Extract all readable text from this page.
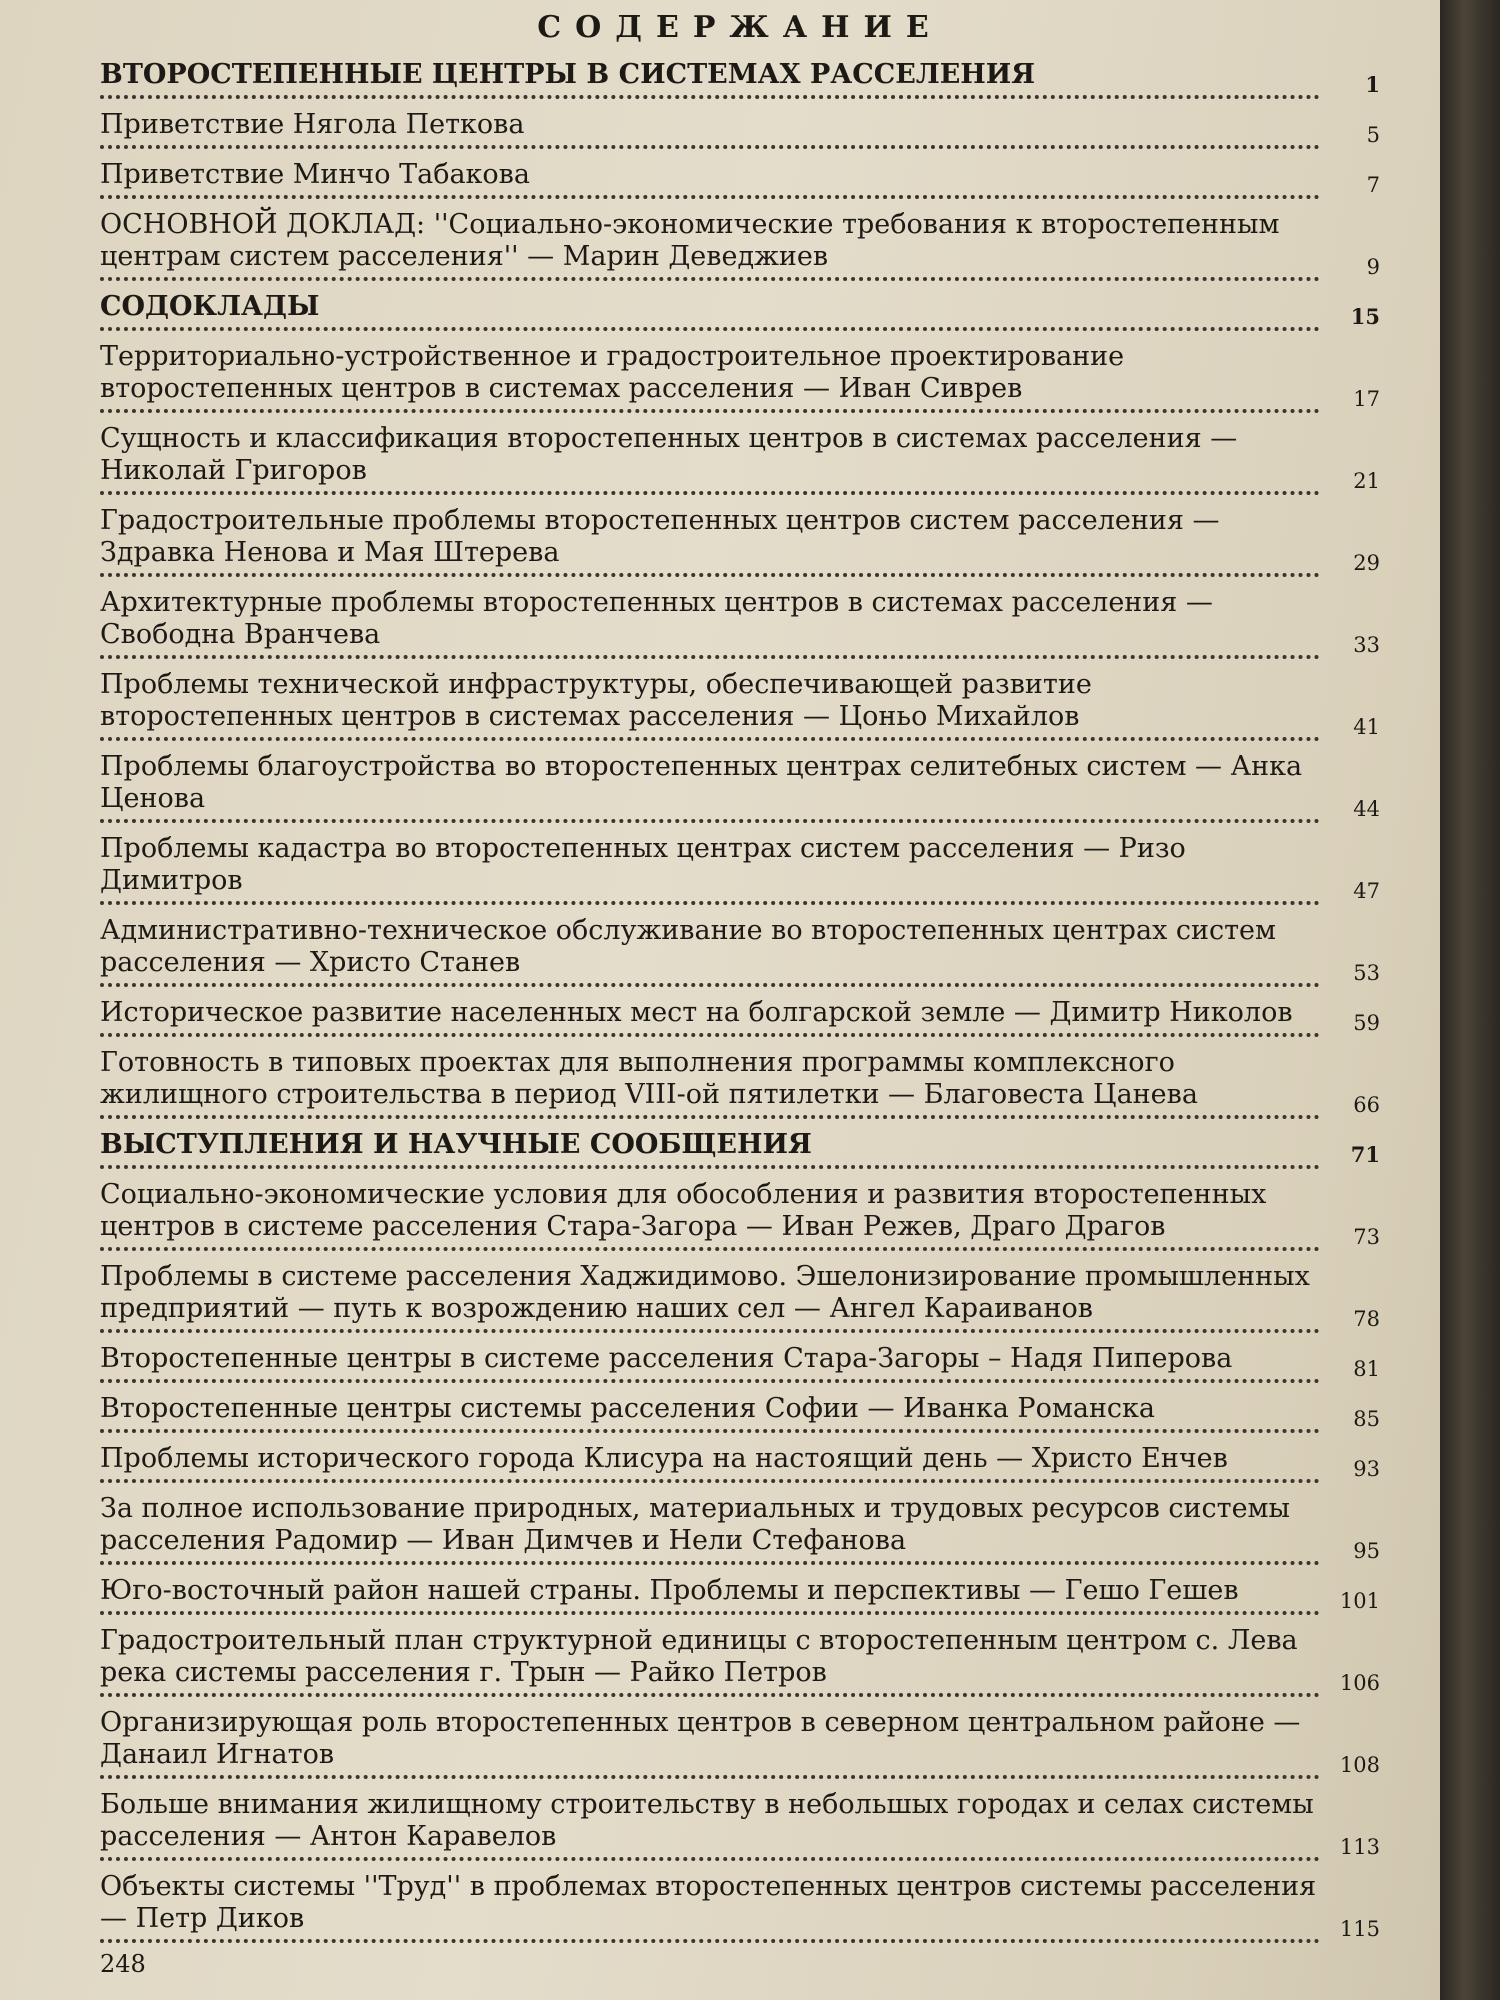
СОДЕРЖАНИЕ
ВТОРОСТЕПЕННЫЕ ЦЕНТРЫ В СИСТЕМАХ РАССЕЛЕНИЯ	1
Приветствие Нягола Петкова	5
Приветствие Минчо Табакова	7
ОСНОВНОЙ ДОКЛАД: ''Социально-экономические требования к второстепенным центрам систем расселения'' — Марин Деведжиев	9
СОДОКЛАДЫ	15
Территориально-устройственное и градостроительное проектирование второстепенных центров в системах расселения — Иван Сиврев	17
Сущность и классификация второстепенных центров в системах расселения — Николай Григоров	21
Градостроительные проблемы второстепенных центров систем расселения — Здравка Ненова и Мая Штерева	29
Архитектурные проблемы второстепенных центров в системах расселения — Свободна Врaнчева	33
Проблемы технической инфраструктуры, обеспечивающей развитие второстепенных центров в системах расселения — Цоньо Михайлов	41
Проблемы благоустройства во второстепенных центрах селитебных систем — Анка Ценова	44
Проблемы кадастра во второстепенных центрах систем расселения — Ризо Димитров	47
Административно-техническое обслуживание во второстепенных центрах систем расселения — Христо Станев	53
Историческое развитие населенных мест на болгарской земле — Димитр Николов	59
Готовность в типовых проектах для выполнения программы комплексного жилищного строительства в период VIII-ой пятилетки — Благовеста Цанева	66
ВЫСТУПЛЕНИЯ И НАУЧНЫЕ СООБЩЕНИЯ	71
Социально-экономические условия для обособления и развития второстепенных центров в системе расселения Стара-Загора — Иван Режев, Драго Драгов	73
Проблемы в системе расселения Хаджидимово. Эшелонизирование промышленных предприятий — путь к возрождению наших сел — Ангел Караиванов	78
Второстепенные центры в системе расселения Стара-Загоры – Надя Пиперова	81
Второстепенные центры системы расселения Софии — Иванка Романска	85
Проблемы исторического города Клисура на настоящий день — Христо Енчев	93
За полное использование природных, материальных и трудовых ресурсов системы расселения Радомир — Иван Димчев и Нели Стефанова	95
Юго-восточный район нашей страны. Проблемы и перспективы — Гешо Гешев	101
Градостроительный план структурной единицы с второстепенным центром с. Лева река системы расселения г. Трын — Райко Петров	106
Организирующая роль второстепенных центров в северном центральном районе — Данаил Игнатов	108
Больше внимания жилищному строительству в небольшых городах и селах системы расселения — Антон Каравелов	113
Объекты системы ''Труд'' в проблемах второстепенных центров системы расселения — Петр Диков	115
248
